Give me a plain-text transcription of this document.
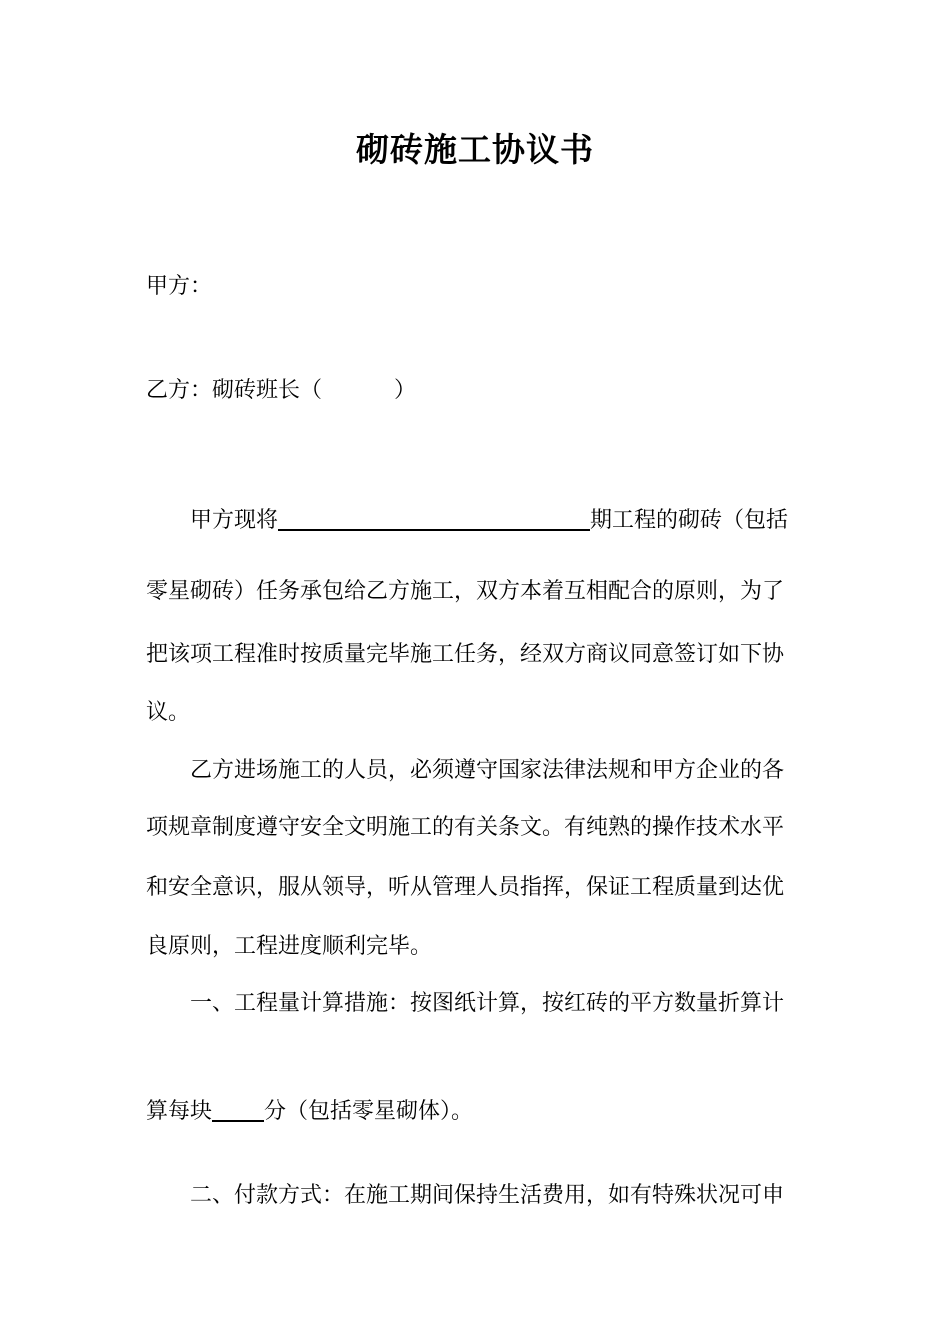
砌砖施工协议书
甲方：
乙方：砌砖班长（	）
甲方现将	期工程的砌砖（包括
零星砌砖）任务承包给乙方施工，双方本着互相配合的原则，为了
把该项工程准时按质量完毕施工任务，经双方商议同意签订如下协
议。
乙方进场施工的人员，必须遵守国家法律法规和甲方企业的各
项规章制度遵守安全文明施工的有关条文。有纯熟的操作技术水平
和安全意识，服从领导，听从管理人员指挥，保证工程质量到达优
良原则，工程进度顺利完毕。
一、工程量计算措施：按图纸计算，按红砖的平方数量折算计
算每块 分（包括零星砌体）。
二、付款方式：在施工期间保持生活费用，如有特殊状况可申
